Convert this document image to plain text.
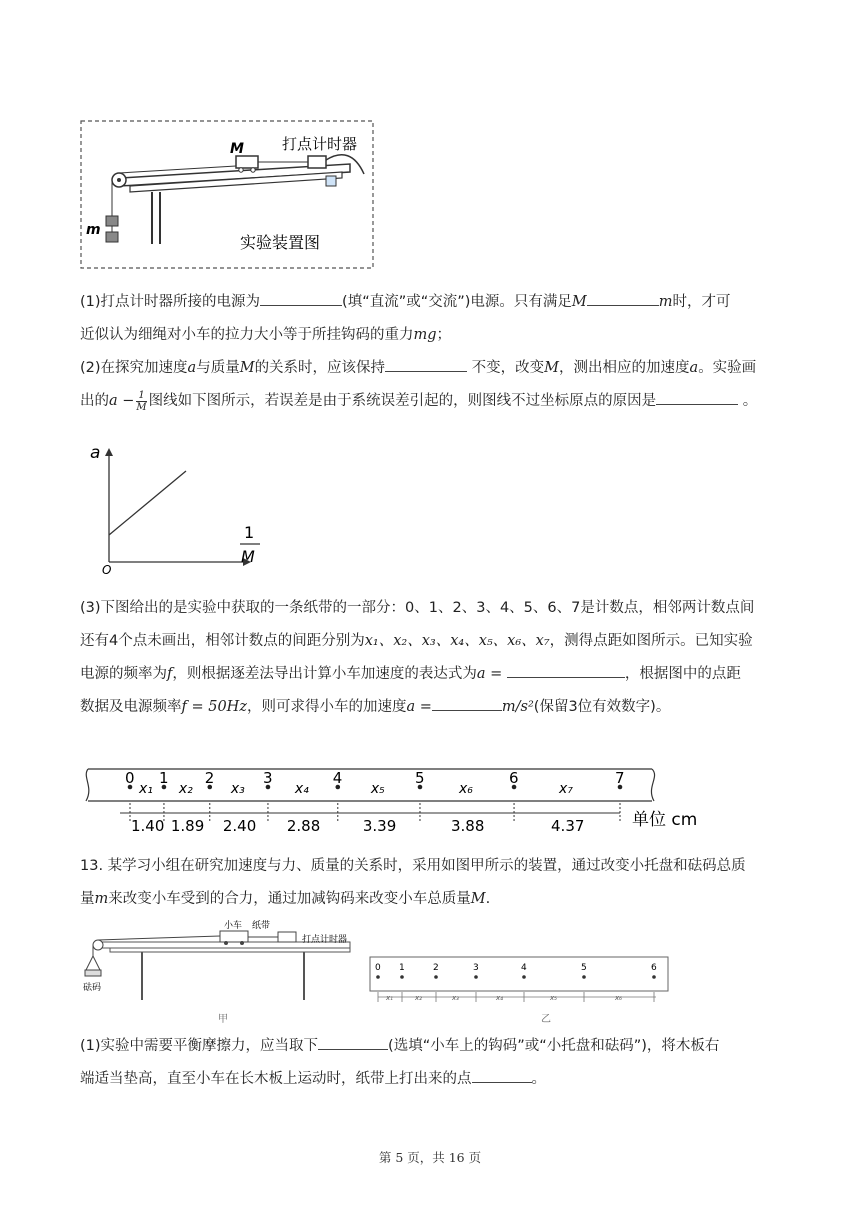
M
m
打点计时器
实验装置图
(1)打点计时器所接的电源为	(填“直流”或“交流”)电源。只有满足M	m时，才可
近似认为细绳对小车的拉力大小等于所挂钩码的重力mg；
(2)在探究加速度a与质量M的关系时，应该保持	不变，改变M，测出相应的加速度a。实验画
出的$a - \frac{1}{M}$ 图线如下图所示，若误差是由于系统误差引起的，则图线不过坐标原点的原因是	。
a
O
1
M
(3)下图给出的是实验中获取的一条纸带的一部分：0、1、2、3、4、5、6、7是计数点，相邻两计数点间
还有4个点未画出，相邻计数点的间距分别为x₁、x₂、x₃、x₄、x₅、x₆、x₇，测得点距如图所示。已知实验
电源的频率为f，则根据逐差法导出计算小车加速度的表达式为a =	，根据图中的点距
数据及电源频率f = 50Hz，则可求得小车的加速度a =	m/s²(保留3位有效数字)。
0 1 2	3	4	5	6	7
x₁
1.40
x₂
1.89
x₃
2.40
x₄
2.88
x₅
3.39
x₆
3.88
x₇
4.37	单位 cm
13. 某学习小组在研究加速度与力、质量的关系时，采用如图甲所示的装置，通过改变小托盘和砝码总质
量m来改变小车受到的合力，通过加减钩码来改变小车总质量M.
小车 纸带
打点计时器
砝码
甲
0 1	2	3	4	5	6
x₁	x₂	x₃	x₄	x₅	x₆
乙
(1)实验中需要平衡摩擦力，应当取下	(选填“小车上的钩码”或“小托盘和砝码”)，将木板右
端适当垫高，直至小车在长木板上运动时，纸带上打出来的点	。
第 5 页，共 16 页
